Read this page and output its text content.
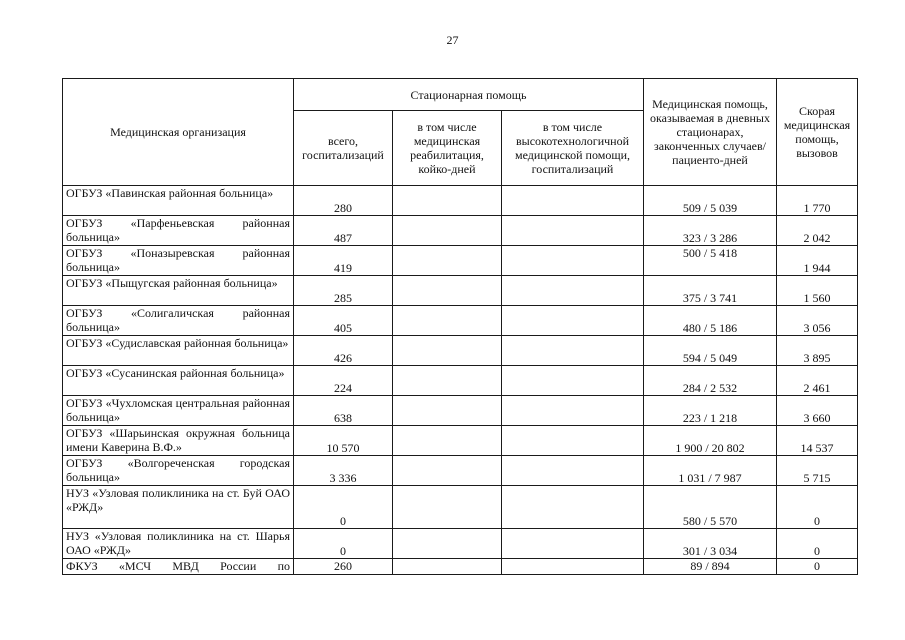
27
Медицинская организация	Стационарная помощь			Медицинская помощь, оказываемая в дневных стационарах, законченных случаев/пациенто-дней	Скорая медицинская помощь, вызовов
	всего, госпитализаций	в том числе медицинская реабилитация, койко-дней	в том числе высокотехнологичной медицинской помощи, госпитализаций		
ОГБУЗ «Павинская районная больница»	280			509 / 5 039	1 770
ОГБУЗ «Парфеньевская районная больница»	487			323 / 3 286	2 042
ОГБУЗ «Поназыревская районная больница»	419			500 / 5 418	1 944
ОГБУЗ «Пыщугская районная больница»	285			375 / 3 741	1 560
ОГБУЗ «Солигаличская районная больница»	405			480 / 5 186	3 056
ОГБУЗ «Судиславская районная больница»	426			594 / 5 049	3 895
ОГБУЗ «Сусанинская районная больница»	224			284 / 2 532	2 461
ОГБУЗ «Чухломская центральная районная больница»	638			223 / 1 218	3 660
ОГБУЗ «Шарьинская окружная больница имени Каверина В.Ф.»	10 570			1 900 / 20 802	14 537
ОГБУЗ «Волгореченская городская больница»	3 336			1 031 / 7 987	5 715
НУЗ «Узловая поликлиника на ст. Буй ОАО «РЖД»	0			580 / 5 570	0
НУЗ «Узловая поликлиника на ст. Шарья ОАО «РЖД»	0			301 / 3 034	0
ФКУЗ «МСЧ МВД России по	260			89 / 894	0
